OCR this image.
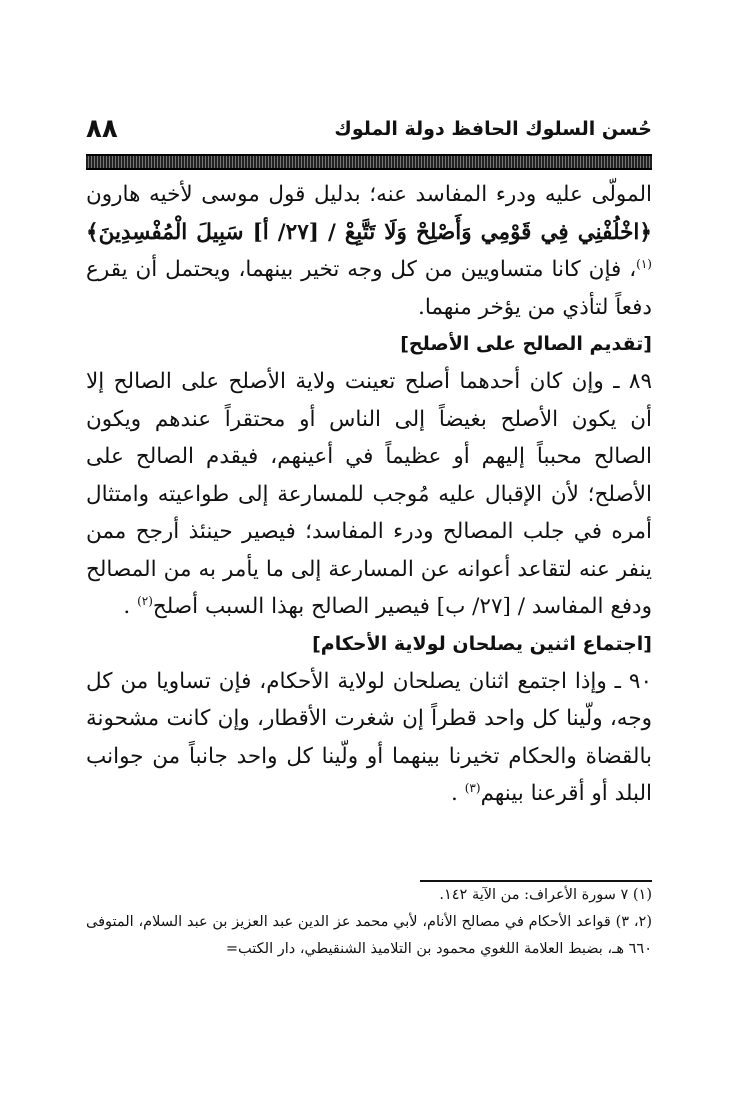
حُسن السلوك الحافظ دولة الملوك
٨٨

المولّى عليه ودرء المفاسد عنه؛ بدليل قول موسى لأخيه هارون ﴿اخْلُفْنِي فِي قَوْمِي وَأَصْلِحْ وَلَا تَتَّبِعْ / [٢٧/ أ] سَبِيلَ الْمُفْسِدِينَ﴾$^{(١)}$، فإن كانا متساويين من كل وجه تخير بينهما، ويحتمل أن يقرع دفعاً لتأذي من يؤخر منهما.

[تقديم الصالح على الأصلح]

٨٩ ـ وإن كان أحدهما أصلح تعينت ولاية الأصلح على الصالح إلا أن يكون الأصلح بغيضاً إلى الناس أو محتقراً عندهم ويكون الصالح محبباً إليهم أو عظيماً في أعينهم، فيقدم الصالح على الأصلح؛ لأن الإقبال عليه مُوجب للمسارعة إلى طواعيته وامتثال أمره في جلب المصالح ودرء المفاسد؛ فيصير حينئذ أرجح ممن ينفر عنه لتقاعد أعوانه عن المسارعة إلى ما يأمر به من المصالح ودفع المفاسد / [٢٧/ ب] فيصير الصالح بهذا السبب أصلح$^{(٢)}$ .

[اجتماع اثنين يصلحان لولاية الأحكام]

٩٠ ـ وإذا اجتمع اثنان يصلحان لولاية الأحكام، فإن تساويا من كل وجه، ولّينا كل واحد قطراً إن شغرت الأقطار، وإن كانت مشحونة بالقضاة والحكام تخيرنا بينهما أو ولّينا كل واحد جانباً من جوانب البلد أو أقرعنا بينهم$^{(٣)}$ .

(١) ٧ سورة الأعراف: من الآية ١٤٢.

(٢، ٣) قواعد الأحكام في مصالح الأنام، لأبي محمد عز الدين عبد العزيز بن عبد السلام، المتوفى ٦٦٠ هـ، بضبط العلامة اللغوي محمود بن التلاميذ الشنقيطي، دار الكتب=
